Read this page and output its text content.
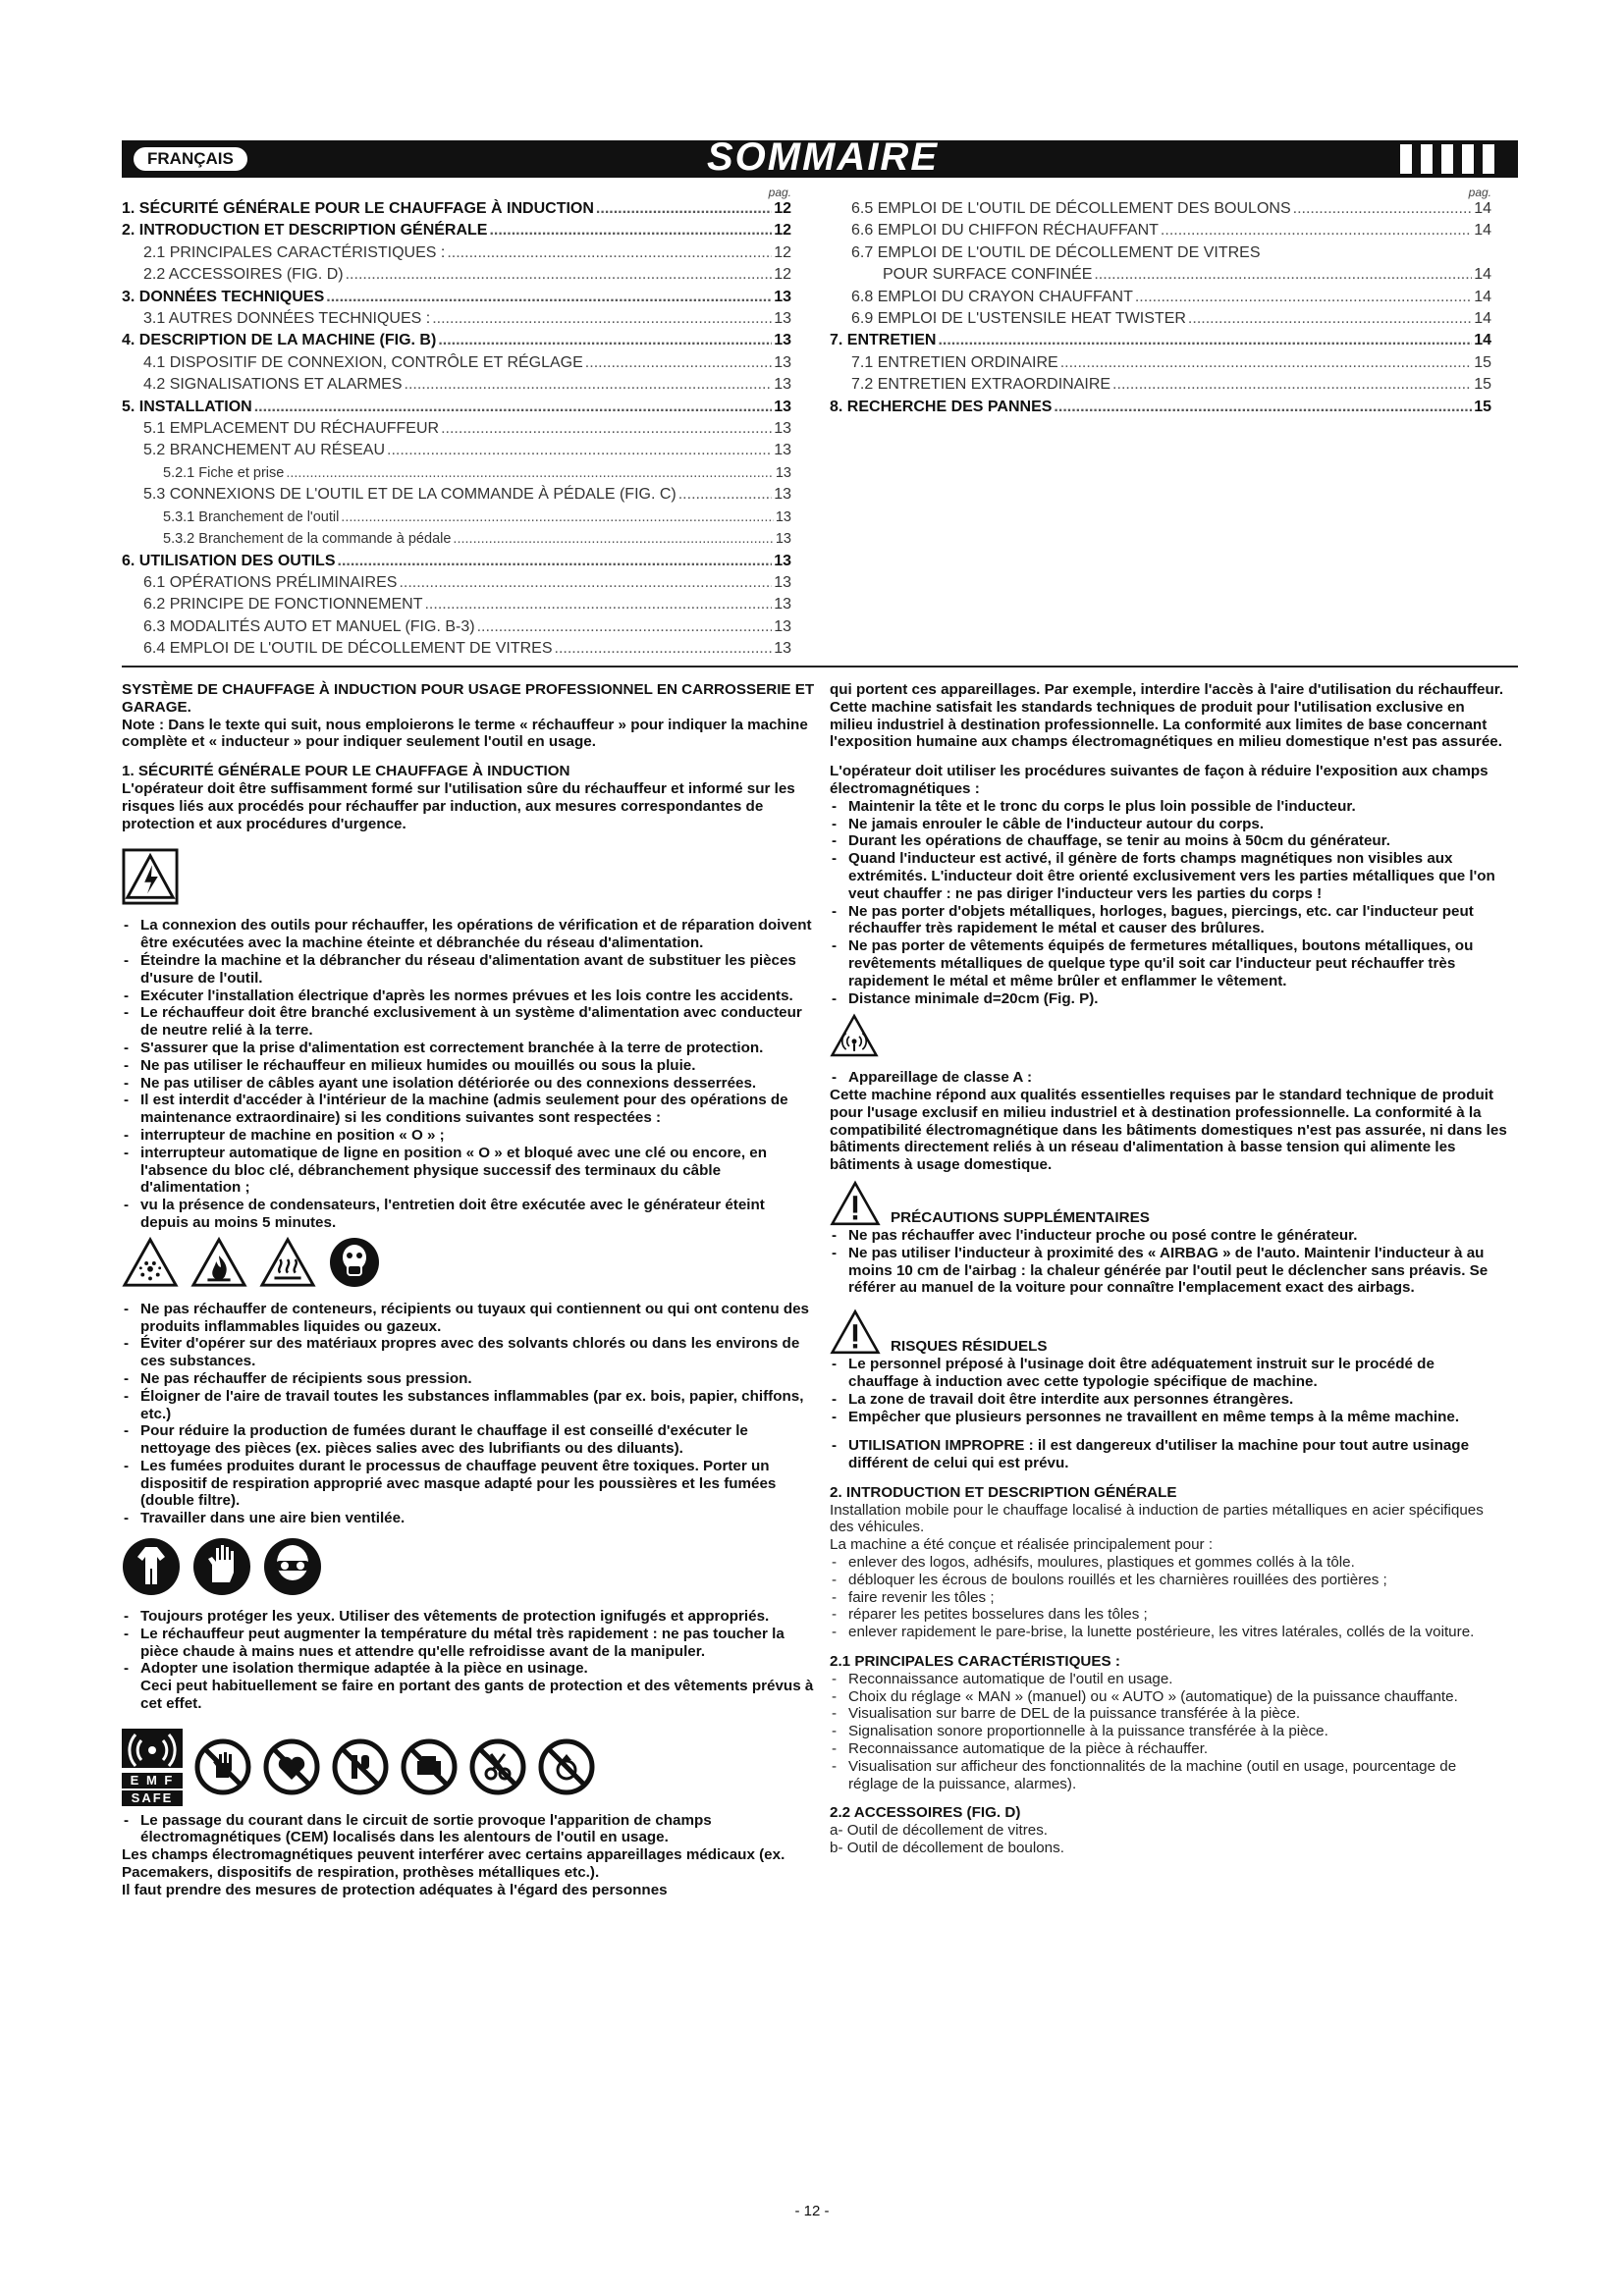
FRANÇAIS	SOMMAIRE
pag.
1. SÉCURITÉ GÉNÉRALE POUR LE CHAUFFAGE À INDUCTION .....	12
2. INTRODUCTION ET DESCRIPTION GÉNÉRALE .....	12
2.1 PRINCIPALES CARACTÉRISTIQUES : .....	12
2.2 ACCESSOIRES (FIG. D) .....	12
3. DONNÉES TECHNIQUES .....	13
3.1 AUTRES DONNÉES TECHNIQUES : .....	13
4. DESCRIPTION DE LA MACHINE (FIG. B) .....	13
4.1 DISPOSITIF DE CONNEXION, CONTRÔLE ET RÉGLAGE .....	13
4.2 SIGNALISATIONS ET ALARMES .....	13
5. INSTALLATION .....	13
5.1 EMPLACEMENT DU RÉCHAUFFEUR .....	13
5.2 BRANCHEMENT AU RÉSEAU .....	13
5.2.1 Fiche et prise .....	13
5.3 CONNEXIONS DE L'OUTIL ET DE LA COMMANDE À PÉDALE (FIG. C) .....	13
5.3.1 Branchement de l'outil .....	13
5.3.2 Branchement de la commande à pédale .....	13
6. UTILISATION DES OUTILS .....	13
6.1 OPÉRATIONS PRÉLIMINAIRES .....	13
6.2 PRINCIPE DE FONCTIONNEMENT .....	13
6.3 MODALITÉS AUTO ET MANUEL (FIG. B-3) .....	13
6.4 EMPLOI DE L'OUTIL DE DÉCOLLEMENT DE VITRES .....	13
pag.
6.5 EMPLOI DE L'OUTIL DE DÉCOLLEMENT DES BOULONS .....	14
6.6 EMPLOI DU CHIFFON RÉCHAUFFANT .....	14
6.7 EMPLOI DE L'OUTIL DE DÉCOLLEMENT DE VITRES
POUR SURFACE CONFINÉE .....	14
6.8 EMPLOI DU CRAYON CHAUFFANT .....	14
6.9 EMPLOI DE L'USTENSILE HEAT TWISTER .....	14
7. ENTRETIEN .....	14
7.1 ENTRETIEN ORDINAIRE .....	15
7.2 ENTRETIEN EXTRAORDINAIRE .....	15
8. RECHERCHE DES PANNES .....	15

SYSTÈME DE CHAUFFAGE À INDUCTION POUR USAGE PROFESSIONNEL EN CARROSSERIE ET GARAGE.

Note : Dans le texte qui suit, nous emploierons le terme « réchauffeur » pour indiquer la machine complète et « inducteur » pour indiquer seulement l'outil en usage.

1. SÉCURITÉ GÉNÉRALE POUR LE CHAUFFAGE À INDUCTION

L'opérateur doit être suffisamment formé sur l'utilisation sûre du réchauffeur et informé sur les risques liés aux procédés pour réchauffer par induction, aux mesures correspondantes de protection et aux procédures d'urgence.

- La connexion des outils pour réchauffer, les opérations de vérification et de réparation doivent être exécutées avec la machine éteinte et débranchée du réseau d'alimentation.

- Éteindre la machine et la débrancher du réseau d'alimentation avant de substituer les pièces d'usure de l'outil.

- Exécuter l'installation électrique d'après les normes prévues et les lois contre les accidents.

- Le réchauffeur doit être branché exclusivement à un système d'alimentation avec conducteur de neutre relié à la terre.

- S'assurer que la prise d'alimentation est correctement branchée à la terre de protection.

- Ne pas utiliser le réchauffeur en milieux humides ou mouillés ou sous la pluie.

- Ne pas utiliser de câbles ayant une isolation détériorée ou des connexions desserrées.

- Il est interdit d'accéder à l'intérieur de la machine (admis seulement pour des opérations de maintenance extraordinaire) si les conditions suivantes sont respectées :

- interrupteur de machine en position « O » ;

- interrupteur automatique de ligne en position « O » et bloqué avec une clé ou encore, en l'absence du bloc clé, débranchement physique successif des terminaux du câble d'alimentation ;

- vu la présence de condensateurs, l'entretien doit être exécutée avec le générateur éteint depuis au moins 5 minutes.

- Ne pas réchauffer de conteneurs, récipients ou tuyaux qui contiennent ou qui ont contenu des produits inflammables liquides ou gazeux.

- Éviter d'opérer sur des matériaux propres avec des solvants chlorés ou dans les environs de ces substances.

- Ne pas réchauffer de récipients sous pression.

- Éloigner de l'aire de travail toutes les substances inflammables (par ex. bois, papier, chiffons, etc.)

- Pour réduire la production de fumées durant le chauffage il est conseillé d'exécuter le nettoyage des pièces (ex. pièces salies avec des lubrifiants ou des diluants).

- Les fumées produites durant le processus de chauffage peuvent être toxiques. Porter un dispositif de respiration approprié avec masque adapté pour les poussières et les fumées (double filtre).

- Travailler dans une aire bien ventilée.

- Toujours protéger les yeux. Utiliser des vêtements de protection ignifugés et appropriés.

- Le réchauffeur peut augmenter la température du métal très rapidement : ne pas toucher la pièce chaude à mains nues et attendre qu'elle refroidisse avant de la manipuler.

- Adopter une isolation thermique adaptée à la pièce en usinage.

Ceci peut habituellement se faire en portant des gants de protection et des vêtements prévus à cet effet.

E M F
SAFE

- Le passage du courant dans le circuit de sortie provoque l'apparition de champs électromagnétiques (CEM) localisés dans les alentours de l'outil en usage.

Les champs électromagnétiques peuvent interférer avec certains appareillages médicaux (ex. Pacemakers, dispositifs de respiration, prothèses métalliques etc.).

Il faut prendre des mesures de protection adéquates à l'égard des personnes

qui portent ces appareillages. Par exemple, interdire l'accès à l'aire d'utilisation du réchauffeur.

Cette machine satisfait les standards techniques de produit pour l'utilisation exclusive en milieu industriel à destination professionnelle. La conformité aux limites de base concernant l'exposition humaine aux champs électromagnétiques en milieu domestique n'est pas assurée.

L'opérateur doit utiliser les procédures suivantes de façon à réduire l'exposition aux champs électromagnétiques :

- Maintenir la tête et le tronc du corps le plus loin possible de l'inducteur.

- Ne jamais enrouler le câble de l'inducteur autour du corps.

- Durant les opérations de chauffage, se tenir au moins à 50cm du générateur.

- Quand l'inducteur est activé, il génère de forts champs magnétiques non visibles aux extrémités. L'inducteur doit être orienté exclusivement vers les parties métalliques que l'on veut chauffer : ne pas diriger l'inducteur vers les parties du corps !

- Ne pas porter d'objets métalliques, horloges, bagues, piercings, etc. car l'inducteur peut réchauffer très rapidement le métal et causer des brûlures.

- Ne pas porter de vêtements équipés de fermetures métalliques, boutons métalliques, ou revêtements métalliques de quelque type qu'il soit car l'inducteur peut réchauffer très rapidement le métal et même brûler et enflammer le vêtement.

- Distance minimale d=20cm (Fig. P).

- Appareillage de classe A :

Cette machine répond aux qualités essentielles requises par le standard technique de produit pour l'usage exclusif en milieu industriel et à destination professionnelle. La conformité à la compatibilité électromagnétique dans les bâtiments domestiques n'est pas assurée, ni dans les bâtiments directement reliés à un réseau d'alimentation à basse tension qui alimente les bâtiments à usage domestique.

PRÉCAUTIONS SUPPLÉMENTAIRES

- Ne pas réchauffer avec l'inducteur proche ou posé contre le générateur.

- Ne pas utiliser l'inducteur à proximité des « AIRBAG » de l'auto. Maintenir l'inducteur à au moins 10 cm de l'airbag : la chaleur générée par l'outil peut le déclencher sans préavis. Se référer au manuel de la voiture pour connaître l'emplacement exact des airbags.

RISQUES RÉSIDUELS

- Le personnel préposé à l'usinage doit être adéquatement instruit sur le procédé de chauffage à induction avec cette typologie spécifique de machine.

- La zone de travail doit être interdite aux personnes étrangères.

- Empêcher que plusieurs personnes ne travaillent en même temps à la même machine.

- UTILISATION IMPROPRE : il est dangereux d'utiliser la machine pour tout autre usinage différent de celui qui est prévu.

2. INTRODUCTION ET DESCRIPTION GÉNÉRALE

Installation mobile pour le chauffage localisé à induction de parties métalliques en acier spécifiques des véhicules.

La machine a été conçue et réalisée principalement pour :

- enlever des logos, adhésifs, moulures, plastiques et gommes collés à la tôle.

- débloquer les écrous de boulons rouillés et les charnières rouillées des portières ;

- faire revenir les tôles ;

- réparer les petites bosselures dans les tôles ;

- enlever rapidement le pare-brise, la lunette postérieure, les vitres latérales, collés de la voiture.

2.1 PRINCIPALES CARACTÉRISTIQUES :

- Reconnaissance automatique de l'outil en usage.

- Choix du réglage « MAN » (manuel) ou « AUTO » (automatique) de la puissance chauffante.

- Visualisation sur barre de DEL de la puissance transférée à la pièce.

- Signalisation sonore proportionnelle à la puissance transférée à la pièce.

- Reconnaissance automatique de la pièce à réchauffer.

- Visualisation sur afficheur des fonctionnalités de la machine (outil en usage, pourcentage de réglage de la puissance, alarmes).

2.2 ACCESSOIRES (FIG. D)

a- Outil de décollement de vitres.

b- Outil de décollement de boulons.

- 12 -
